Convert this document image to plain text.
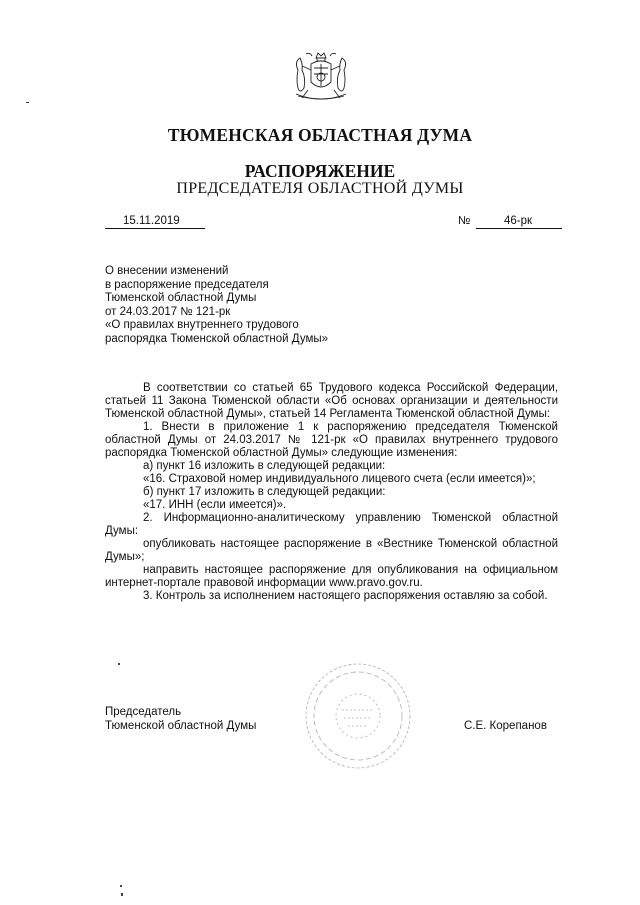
ТЮМЕНСКАЯ ОБЛАСТНАЯ ДУМА
РАСПОРЯЖЕНИЕ
ПРЕДСЕДАТЕЛЯ ОБЛАСТНОЙ ДУМЫ
15.11.2019	№	46-рк
О внесении изменений
в распоряжение председателя
Тюменской областной Думы
от 24.03.2017 № 121-рк
«О правилах внутреннего трудового
распорядка Тюменской областной Думы»

В соответствии со статьей 65 Трудового кодекса Российской Федерации, статьей 11 Закона Тюменской области «Об основах организации и деятельности Тюменской областной Думы», статьей 14 Регламента Тюменской областной Думы:

1. Внести в приложение 1 к распоряжению председателя Тюменской областной Думы от 24.03.2017 № 121-рк «О правилах внутреннего трудового распорядка Тюменской областной Думы» следующие изменения:

а) пункт 16 изложить в следующей редакции:

«16. Страховой номер индивидуального лицевого счета (если имеется)»;

б) пункт 17 изложить в следующей редакции:

«17. ИНН (если имеется)».

2. Информационно-аналитическому управлению Тюменской областной Думы:

опубликовать настоящее распоряжение в «Вестнике Тюменской областной Думы»;

направить настоящее распоряжение для опубликования на официальном интернет-портале правовой информации www.pravo.gov.ru.

3. Контроль за исполнением настоящего распоряжения оставляю за собой.

Председатель
Тюменской областной Думы	С.Е. Корепанов
